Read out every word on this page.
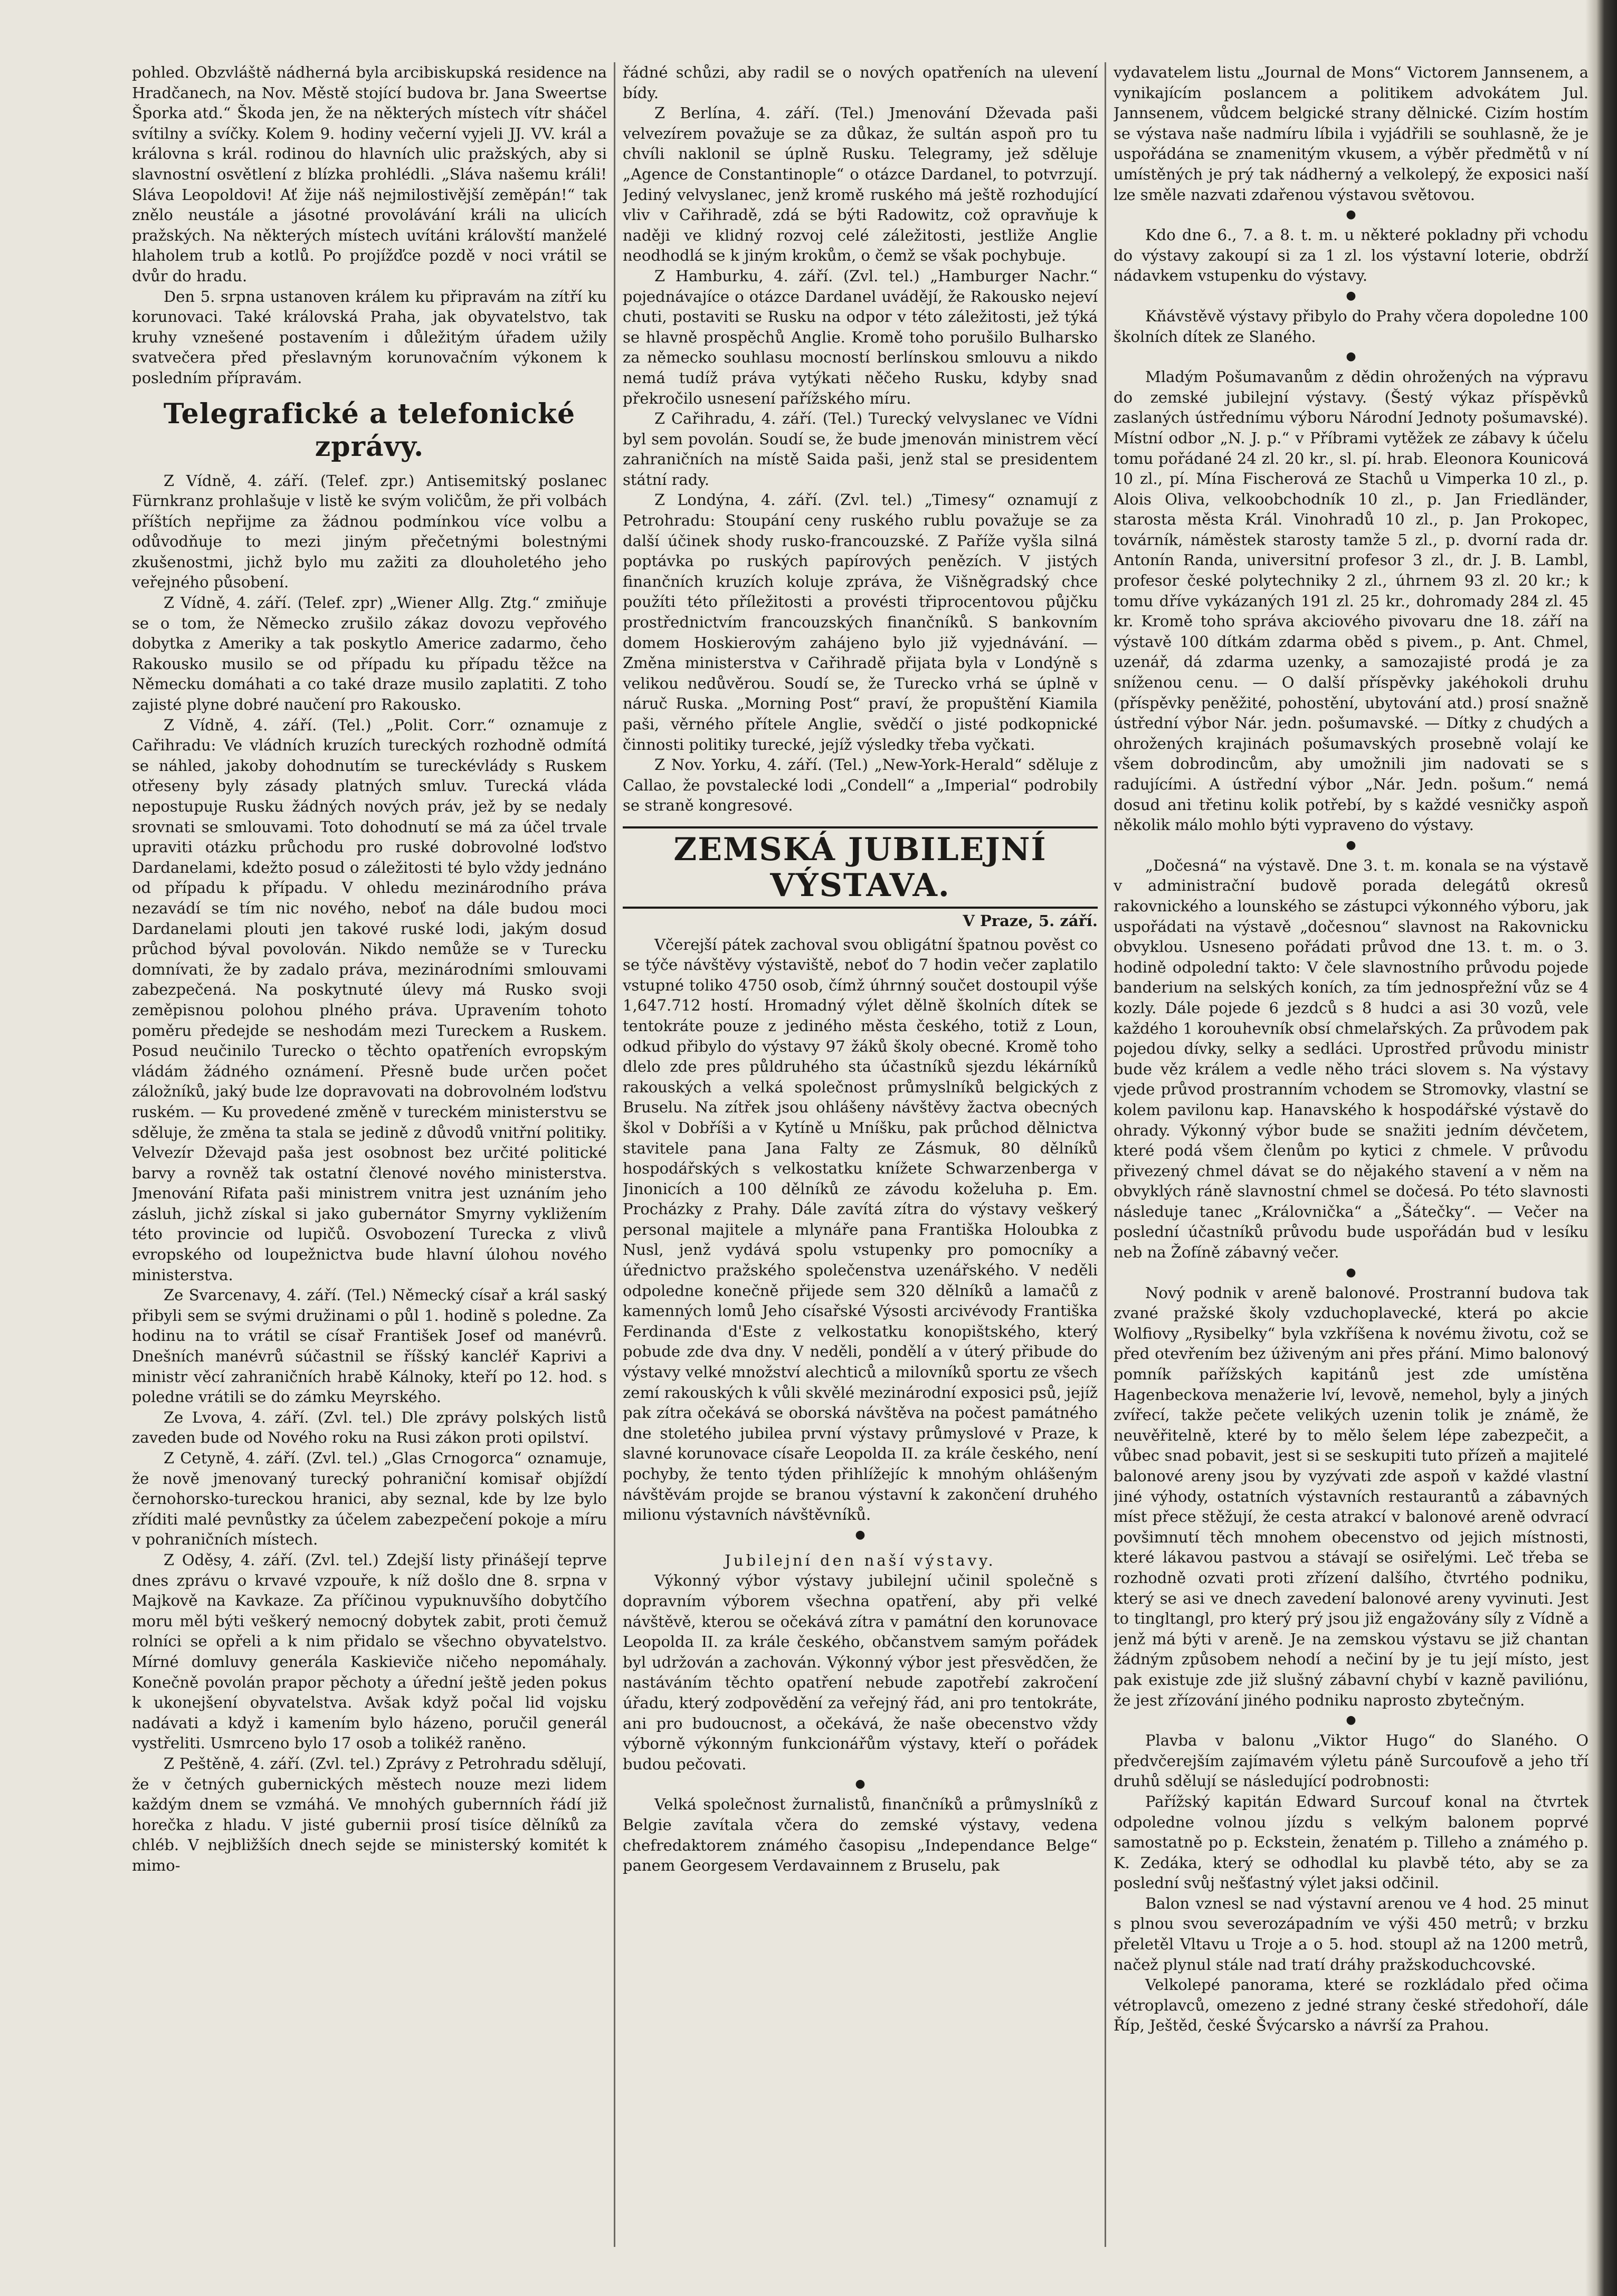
pohled. Obzvláště nádherná byla arcibiskupská residence na Hradčanech, na Nov. Městě stojící budova br. Jana Sweertse Šporka atd.“ Škoda jen, že na některých místech vítr sháčel svítilny a svíčky. Kolem 9. hodiny večerní vyjeli JJ. VV. král a královna s král. rodinou do hlavních ulic pražských, aby si slavnostní osvětlení z blízka prohlédli. „Sláva našemu králi! Sláva Leopoldovi! Ať žije náš nejmilostivější zeměpán!“ tak znělo neustále a jásotné provolávání králi na ulicích pražských. Na některých místech uvítáni královští manželé hlaholem trub a kotlů. Po projížďce pozdě v noci vrátil se dvůr do hradu.

Den 5. srpna ustanoven králem ku připravám na zítří ku korunovaci. Také královská Praha, jak obyvatelstvo, tak kruhy vznešené postavením i důležitým úřadem užily svatvečera před přeslavným korunovačním výkonem k posledním přípravám.

Telegrafické a telefonické zprávy.

Z Vídně, 4. září. (Telef. zpr.) Antisemitský poslanec Fürnkranz prohlašuje v listě ke svým voličům, že při volbách příštích nepřijme za žádnou podmínkou více volbu a odůvodňuje to mezi jiným přečetnými bolestnými zkušenostmi, jichž bylo mu zažiti za dlouholetého jeho veřejného působení.

Z Vídně, 4. září. (Telef. zpr) „Wiener Allg. Ztg.“ zmiňuje se o tom, že Německo zrušilo zákaz dovozu vepřového dobytka z Ameriky a tak poskytlo Americe zadarmo, čeho Rakousko musilo se od případu ku případu těžce na Německu domáhati a co také draze musilo zaplatiti. Z toho zajisté plyne dobré naučení pro Rakousko.

Z Vídně, 4. září. (Tel.) „Polit. Corr.“ oznamuje z Cařihradu: Ve vládních kruzích tureckých rozhodně odmítá se náhled, jakoby dohodnutím se tureckévlády s Ruskem otřeseny byly zásady platných smluv. Turecká vláda nepostupuje Rusku žádných nových práv, jež by se nedaly srovnati se smlouvami. Toto dohodnutí se má za účel trvale upraviti otázku průchodu pro ruské dobrovolné loďstvo Dardanelami, kdežto posud o záležitosti té bylo vždy jednáno od případu k případu. V ohledu mezinárodního práva nezavádí se tím nic nového, neboť na dále budou moci Dardanelami plouti jen takové ruské lodi, jakým dosud průchod býval povolován. Nikdo nemůže se v Turecku domnívati, že by zadalo práva, mezinárodními smlouvami zabezpečená. Na poskytnuté úlevy má Rusko svoji zeměpisnou polohou plného práva. Upravením tohoto poměru předejde se neshodám mezi Tureckem a Ruskem. Posud neučinilo Turecko o těchto opatřeních evropským vládám žádného oznámení. Přesně bude určen počet záložníků, jaký bude lze dopravovati na dobrovolném loďstvu ruském. — Ku provedené změně v tureckém ministerstvu se sděluje, že změna ta stala se jedině z důvodů vnitřní politiky. Velvezír Dževajd paša jest osobnost bez určité politické barvy a rovněž tak ostatní členové nového ministerstva. Jmenování Rifata paši ministrem vnitra jest uznáním jeho zásluh, jichž získal si jako gubernátor Smyrny vykližením této provincie od lupičů. Osvobození Turecka z vlivů evropského od loupežnictva bude hlavní úlohou nového ministerstva.

Ze Svarcenavy, 4. září. (Tel.) Německý císař a král saský přibyli sem se svými družinami o půl 1. hodině s poledne. Za hodinu na to vrátil se císař František Josef od manévrů. Dnešních manévrů súčastnil se říšský kancléř Kaprivi a ministr věcí zahraničních hrabě Kálnoky, kteří po 12. hod. s poledne vrátili se do zámku Meyrského.

Ze Lvova, 4. září. (Zvl. tel.) Dle zprávy polských listů zaveden bude od Nového roku na Rusi zákon proti opilství.

Z Cetyně, 4. září. (Zvl. tel.) „Glas Crnogorca“ oznamuje, že nově jmenovaný turecký pohraniční komisař objíždí černohorsko-tureckou hranici, aby seznal, kde by lze bylo zříditi malé pevnůstky za účelem zabezpečení pokoje a míru v pohraničních místech.

Z Oděsy, 4. září. (Zvl. tel.) Zdejší listy přinášejí teprve dnes zprávu o krvavé vzpouře, k níž došlo dne 8. srpna v Majkově na Kavkaze. Za příčinou vypuknuvšího dobytčího moru měl býti veškerý nemocný dobytek zabit, proti čemuž rolníci se opřeli a k nim přidalo se všechno obyvatelstvo. Mírné domluvy generála Kaskieviče ničeho nepomáhaly. Konečně povolán prapor pěchoty a úřední ještě jeden pokus k ukonejšení obyvatelstva. Avšak když počal lid vojsku nadávati a když i kamením bylo házeno, poručil generál vystřeliti. Usmrceno bylo 17 osob a tolikéž raněno.

Z Peštěně, 4. září. (Zvl. tel.) Zprávy z Petrohradu sdělují, že v četných gubernických městech nouze mezi lidem každým dnem se vzmáhá. Ve mnohých gubernních řádí již horečka z hladu. V jisté gubernii prosí tisíce dělníků za chléb. V nejbližších dnech sejde se ministerský komitét k mimo-

řádné schůzi, aby radil se o nových opatřeních na ulevení bídy.

Z Berlína, 4. září. (Tel.) Jmenování Dževada paši velvezírem považuje se za důkaz, že sultán aspoň pro tu chvíli naklonil se úplně Rusku. Telegramy, jež sděluje „Agence de Constantinople“ o otázce Dardanel, to potvrzují. Jediný velvyslanec, jenž kromě ruského má ještě rozhodující vliv v Cařihradě, zdá se býti Radowitz, což opravňuje k naději ve klidný rozvoj celé záležitosti, jestliže Anglie neodhodlá se k jiným krokům, o čemž se však pochybuje.

Z Hamburku, 4. září. (Zvl. tel.) „Hamburger Nachr.“ pojednávajíce o otázce Dardanel uvádějí, že Rakousko nejeví chuti, postaviti se Rusku na odpor v této záležitosti, jež týká se hlavně prospěchů Anglie. Kromě toho porušilo Bulharsko za německo souhlasu mocností berlínskou smlouvu a nikdo nemá tudíž práva vytýkati něčeho Rusku, kdyby snad překročilo usnesení pařížského míru.

Z Cařihradu, 4. září. (Tel.) Turecký velvyslanec ve Vídni byl sem povolán. Soudí se, že bude jmenován ministrem věcí zahraničních na místě Saida paši, jenž stal se presidentem státní rady.

Z Londýna, 4. září. (Zvl. tel.) „Timesy“ oznamují z Petrohradu: Stoupání ceny ruského rublu považuje se za další účinek shody rusko-francouzské. Z Paříže vyšla silná poptávka po ruských papírových penězích. V jistých finančních kruzích koluje zpráva, že Višněgradský chce použíti této příležitosti a provésti třiprocentovou půjčku prostřednictvím francouzských finančníků. S bankovním domem Hoskierovým zahájeno bylo již vyjednávání. — Změna ministerstva v Cařihradě přijata byla v Londýně s velikou nedůvěrou. Soudí se, že Turecko vrhá se úplně v náruč Ruska. „Morning Post“ praví, že propuštění Kiamila paši, věrného přítele Anglie, svědčí o jisté podkopnické činnosti politiky turecké, jejíž výsledky třeba vyčkati.

Z Nov. Yorku, 4. září. (Tel.) „New-York-Herald“ sděluje z Callao, že povstalecké lodi „Condell“ a „Imperial“ podrobily se straně kongresové.

ZEMSKÁ JUBILEJNÍ VÝSTAVA.
V Praze, 5. září.

Včerejší pátek zachoval svou obligátní špatnou pověst co se týče návštěvy výstaviště, neboť do 7 hodin večer zaplatilo vstupné toliko 4750 osob, čímž úhrnný součet dostoupil výše 1,647.712 hostí. Hromadný výlet dělně školních dítek se tentokráte pouze z jediného města českého, totiž z Loun, odkud přibylo do výstavy 97 žáků školy obecné. Kromě toho dlelo zde pres půldruhého sta účastníků sjezdu lékárníků rakouských a velká společnost průmyslníků belgických z Bruselu. Na zítřek jsou ohlášeny návštěvy žactva obecných škol v Dobříši a v Kytíně u Mníšku, pak průchod dělnictva stavitele pana Jana Falty ze Zásmuk, 80 dělníků hospodářských s velkostatku knížete Schwarzenberga v Jinonicích a 100 dělníků ze závodu koželuha p. Em. Procházky z Prahy. Dále zavítá zítra do výstavy veškerý personal majitele a mlynáře pana Františka Holoubka z Nusl, jenž vydává spolu vstupenky pro pomocníky a úřednictvo pražského společenstva uzenářského. V neděli odpoledne konečně přijede sem 320 dělníků a lamačů z kamenných lomů Jeho císařské Výsosti arcivévody Františka Ferdinanda d'Este z velkostatku konopištského, který pobude zde dva dny. V neděli, pondělí a v úterý přibude do výstavy velké množství alechticů a milovníků sportu ze všech zemí rakouských k vůli skvělé mezinárodní exposici psů, jejíž pak zítra očekává se oborská návštěva na počest památného dne stoletého jubilea první výstavy průmyslové v Praze, k slavné korunovace císaře Leopolda II. za krále českého, není pochyby, že tento týden přihlížejíc k mnohým ohlášeným návštěvám projde se branou výstavní k zakončení druhého milionu výstavních návštěvníků.

●
Jubilejní den naší výstavy.

Výkonný výbor výstavy jubilejní učinil společně s dopravním výborem všechna opatření, aby při velké návštěvě, kterou se očekává zítra v památní den korunovace Leopolda II. za krále českého, občanstvem samým pořádek byl udržován a zachován. Výkonný výbor jest přesvědčen, že nastáváním těchto opatření nebude zapotřebí zakročení úřadu, který zodpovědění za veřejný řád, ani pro tentokráte, ani pro budoucnost, a očekává, že naše obecenstvo vždy výborně výkonným funkcionářům výstavy, kteří o pořádek budou pečovati.

●

Velká společnost žurnalistů, finančníků a průmyslníků z Belgie zavítala včera do zemské výstavy, vedena chefredaktorem známého časopisu „Independance Belge“ panem Georgesem Verdavainnem z Bruselu, pak

vydavatelem listu „Journal de Mons“ Victorem Jannsenem, a vynikajícím poslancem a politikem advokátem Jul. Jannsenem, vůdcem belgické strany dělnické. Cizím hostím se výstava naše nadmíru líbila i vyjádřili se souhlasně, že je uspořádána se znamenitým vkusem, a výběr předmětů v ní umístěných je prý tak nádherný a velkolepý, že exposici naší lze směle nazvati zdařenou výstavou světovou.

●

Kdo dne 6., 7. a 8. t. m. u některé pokladny při vchodu do výstavy zakoupí si za 1 zl. los výstavní loterie, obdrží nádavkem vstupenku do výstavy.

●

Kňávstěvě výstavy přibylo do Prahy včera dopoledne 100 školních dítek ze Slaného.

●

Mladým Pošumavanům z dědin ohrožených na výpravu do zemské jubilejní výstavy. (Šestý výkaz příspěvků zaslaných ústřednímu výboru Národní Jednoty pošumavské). Místní odbor „N. J. p.“ v Příbrami vytěžek ze zábavy k účelu tomu pořádané 24 zl. 20 kr., sl. pí. hrab. Eleonora Kounicová 10 zl., pí. Mína Fischerová ze Stachů u Vimperka 10 zl., p. Alois Oliva, velkoobchodník 10 zl., p. Jan Friedländer, starosta města Král. Vinohradů 10 zl., p. Jan Prokopec, továrník, náměstek starosty tamže 5 zl., p. dvorní rada dr. Antonín Randa, universitní profesor 3 zl., dr. J. B. Lambl, profesor české polytechniky 2 zl., úhrnem 93 zl. 20 kr.; k tomu dříve vykázaných 191 zl. 25 kr., dohromady 284 zl. 45 kr. Kromě toho správa akciového pivovaru dne 18. září na výstavě 100 dítkám zdarma oběd s pivem., p. Ant. Chmel, uzenář, dá zdarma uzenky, a samozajisté prodá je za sníženou cenu. — O další příspěvky jakéhokoli druhu (příspěvky peněžité, pohostění, ubytování atd.) prosí snažně ústřední výbor Nár. jedn. pošumavské. — Dítky z chudých a ohrožených krajinách pošumavských prosebně volají ke všem dobrodincům, aby umožnili jim nadovati se s radujícími. A ústřední výbor „Nár. Jedn. pošum.“ nemá dosud ani třetinu kolik potřebí, by s každé vesničky aspoň několik málo mohlo býti vypraveno do výstavy.

●

„Dočesná“ na výstavě. Dne 3. t. m. konala se na výstavě v administrační budově porada delegátů okresů rakovnického a lounského se zástupci výkonného výboru, jak uspořádati na výstavě „dočesnou“ slavnost na Rakovnicku obvyklou. Usneseno pořádati průvod dne 13. t. m. o 3. hodině odpolední takto: V čele slavnostního průvodu pojede banderium na selských koních, za tím jednospřežní vůz se 4 kozly. Dále pojede 6 jezdců s 8 hudci a asi 30 vozů, vele každého 1 korouhevník obsí chmelařských. Za průvodem pak pojedou dívky, selky a sedláci. Uprostřed průvodu ministr bude věz králem a vedle něho tráci slovem s. Na výstavy vjede průvod prostranním vchodem se Stromovky, vlastní se kolem pavilonu kap. Hanavského k hospodářské výstavě do ohrady. Výkonný výbor bude se snažiti jedním dévčetem, které podá všem členům po kytici z chmele. V průvodu přivezený chmel dávat se do nějakého stavení a v něm na obvyklých ráně slavnostní chmel se dočesá. Po této slavnosti následuje tanec „Královnička“ a „Šátečky“. — Večer na poslední účastníků průvodu bude uspořádán bud v lesíku neb na Žofíně zábavný večer.

●

Nový podnik v areně balonové. Prostranní budova tak zvané pražské školy vzduchoplavecké, která po akcie Wolfiovy „Rysibelky“ byla vzkříšena k novému životu, což se před otevřením bez úživeným ani přes přání. Mimo balonový pomník pařížských kapitánů jest zde umístěna Hagenbeckova menažerie lví, levově, nemehol, byly a jiných zvířecí, takže pečete velikých uzenin tolik je známě, že neuvěřitelně, které by to mělo šelem lépe zabezpečit, a vůbec snad pobavit, jest si se seskupiti tuto přízeň a majitelé balonové areny jsou by vyzývati zde aspoň v každé vlastní jiné výhody, ostatních výstavních restaurantů a zábavných míst přece stěžují, že cesta atrakcí v balonové areně odvrací povšimnutí těch mnohem obecenstvo od jejich místnosti, které lákavou pastvou a stávají se osiřelými. Leč třeba se rozhodně ozvati proti zřízení dalšího, čtvrtého podniku, který se asi ve dnech zavedení balonové areny vyvinuti. Jest to tingltangl, pro který prý jsou již engažovány síly z Vídně a jenž má býti v areně. Je na zemskou výstavu se již chantan žádným způsobem nehodí a nečiní by je tu její místo, jest pak existuje zde již slušný zábavní chybí v kazně paviliónu, že jest zřízování jiného podniku naprosto zbytečným.

●

Plavba v balonu „Viktor Hugo“ do Slaného. O předvčerejším zajímavém výletu páně Surcoufově a jeho tří druhů sdělují se následující podrobnosti:

Pařížský kapitán Edward Surcouf konal na čtvrtek odpoledne volnou jízdu s velkým balonem poprvé samostatně po p. Eckstein, ženatém p. Tilleho a známého p. K. Zedáka, který se odhodlal ku plavbě této, aby se za poslední svůj nešťastný výlet jaksi odčinil.

Balon vznesl se nad výstavní arenou ve 4 hod. 25 minut s plnou svou severozápadním ve výši 450 metrů; v brzku přeletěl Vltavu u Troje a o 5. hod. stoupl až na 1200 metrů, načež plynul stále nad tratí dráhy pražskoduchcovské.

Velkolepé panorama, které se rozkládalo před očima vétroplavců, omezeno z jedné strany české středohoří, dále Říp, Ještěd, české Švýcarsko a návrší za Prahou.
